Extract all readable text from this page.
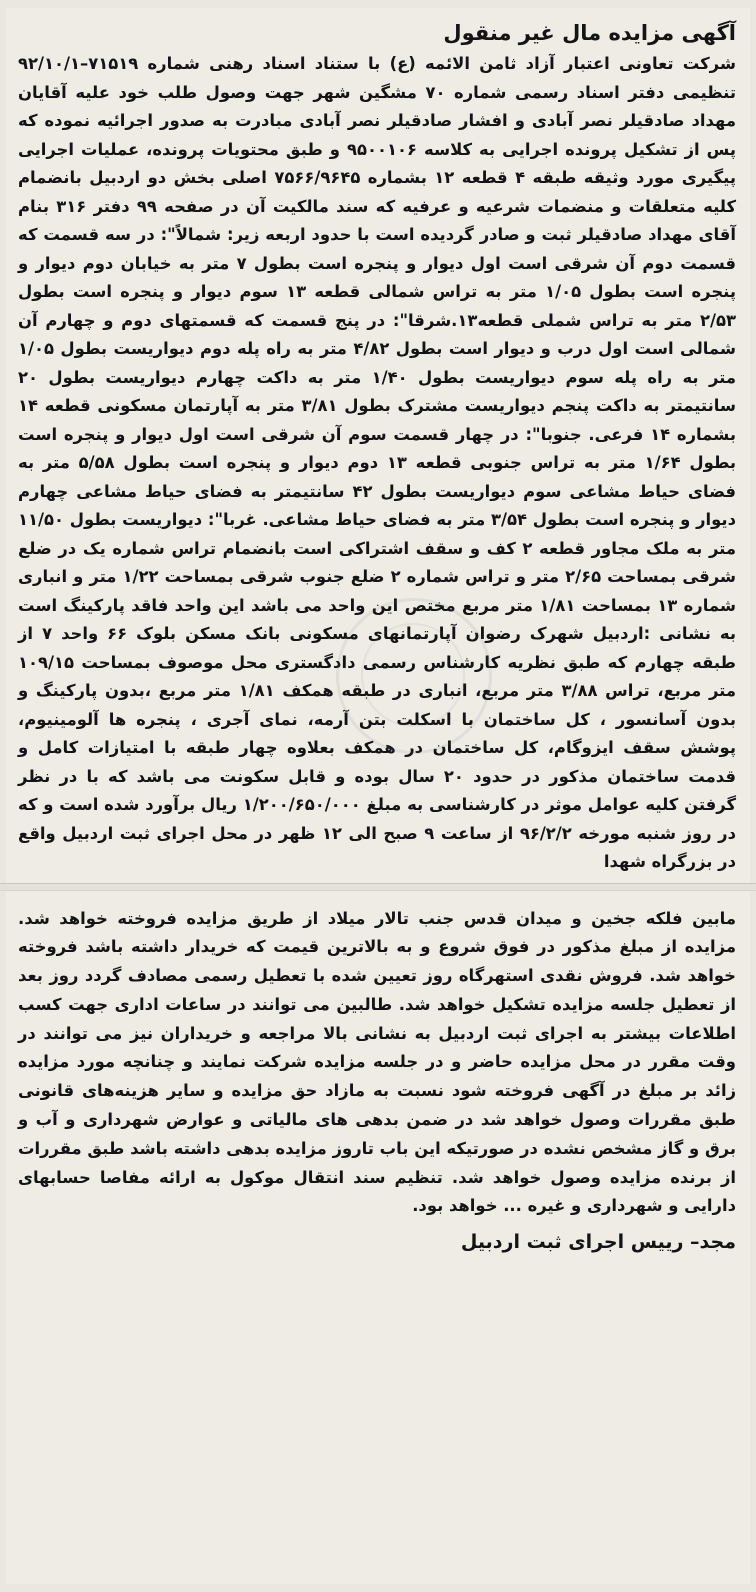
آگهی مزایده مال غیر منقول

شرکت تعاونی اعتبار آزاد ثامن الائمه (ع) با ستناد اسناد رهنی شماره ۷۱۵۱۹–۹۲/۱۰/۱ تنظیمی دفتر اسناد رسمی شماره ۷۰ مشگین شهر جهت وصول طلب خود علیه آقایان مهداد صادقیلر نصر آبادی و افشار صادقیلر نصر آبادی مبادرت به صدور اجرائیه نموده که پس از تشکیل پرونده اجرایی به کلاسه ۹۵۰۰۱۰۶ و طبق محتویات پرونده، عملیات اجرایی پیگیری مورد وثیقه طبقه ۴ قطعه ۱۲ بشماره ۷۵۶۶/۹۶۴۵ اصلی بخش دو اردبیل بانضمام کلیه متعلقات و منضمات شرعیه و عرفیه که سند مالکیت آن در صفحه ۹۹ دفتر ۳۱۶ بنام آقای مهداد صادقیلر ثبت و صادر گردیده است با حدود اربعه زیر: شمالاً": در سه قسمت که قسمت دوم آن شرقی است اول دیوار و پنجره است بطول ۷ متر به خیابان دوم دیوار و پنجره است بطول ۱/۰۵ متر به تراس شمالی قطعه ۱۳ سوم دیوار و پنجره است بطول ۲/۵۳ متر به تراس شملی قطعه۱۳.شرقا": در پنج قسمت که قسمتهای دوم و چهارم آن شمالی است اول درب و دیوار است بطول ۴/۸۲ متر به راه پله دوم دیواریست بطول ۱/۰۵ متر به راه پله سوم دیواریست بطول ۱/۴۰ متر به داکت چهارم دیواریست بطول ۲۰ سانتیمتر به داکت پنجم دیواریست مشترک بطول ۳/۸۱ متر به آپارتمان مسکونی قطعه ۱۴ بشماره ۱۴ فرعی. جنوبا": در چهار قسمت سوم آن شرقی است اول دیوار و پنجره است بطول ۱/۶۴ متر به تراس جنوبی قطعه ۱۳ دوم دیوار و پنجره است بطول ۵/۵۸ متر به فضای حیاط مشاعی سوم دیواریست بطول ۴۲ سانتیمتر به فضای حیاط مشاعی چهارم دیوار و پنجره است بطول ۳/۵۴ متر به فضای حیاط مشاعی. غربا": دیواریست بطول ۱۱/۵۰ متر به ملک مجاور قطعه ۲ کف و سقف اشتراکی است بانضمام تراس شماره یک در ضلع شرقی بمساحت ۲/۶۵ متر و تراس شماره ۲ ضلع جنوب شرقی بمساحت ۱/۲۲ متر و انباری شماره ۱۳ بمساحت ۱/۸۱ متر مربع مختص این واحد می باشد این واحد فاقد پارکینگ است به نشانی :اردبیل شهرک رضوان آپارتمانهای مسکونی بانک مسکن بلوک ۶۶ واحد ۷ از طبقه چهارم که طبق نظریه کارشناس رسمی دادگستری محل موصوف بمساحت ۱۰۹/۱۵ متر مربع، تراس ۳/۸۸ متر مربع، انباری در طبقه همکف ۱/۸۱ متر مربع ،بدون پارکینگ و بدون آسانسور ، کل ساختمان با اسکلت بتن آرمه، نمای آجری ، پنجره ها آلومینیوم، پوشش سقف ایزوگام، کل ساختمان در همکف بعلاوه چهار طبقه با امتیازات کامل و قدمت ساختمان مذکور در حدود ۲۰ سال بوده و قابل سکونت می باشد که با در نظر گرفتن کلیه عوامل موثر در کارشناسی به مبلغ ۱/۲۰۰/۶۵۰/۰۰۰ ریال برآورد شده است و که در روز شنبه مورخه ۹۶/۲/۲ از ساعت ۹ صبح الی ۱۲ ظهر در محل اجرای ثبت اردبیل واقع در بزرگراه شهدا

مابین فلکه جخین و میدان قدس جنب تالار میلاد از طریق مزایده فروخته خواهد شد. مزایده از مبلغ مذکور در فوق شروع و به بالاترین قیمت که خریدار داشته باشد فروخته خواهد شد. فروش نقدی استهرگاه روز تعیین شده با تعطیل رسمی مصادف گردد روز بعد از تعطیل جلسه مزایده تشکیل خواهد شد. طالبین می توانند در ساعات اداری جهت کسب اطلاعات بیشتر به اجرای ثبت اردبیل به نشانی بالا مراجعه و خریداران نیز می توانند در وقت مقرر در محل مزایده حاضر و در جلسه مزایده شرکت نمایند و چنانچه مورد مزایده زائد بر مبلغ در آگهی فروخته شود نسبت به مازاد حق مزایده و سایر هزینه‌های قانونی طبق مقررات وصول خواهد شد در ضمن بدهی های مالیاتی و عوارض شهرداری و آب و برق و گاز مشخص نشده در صورتیکه این باب تاروز مزایده بدهی داشته باشد طبق مقررات از برنده مزایده وصول خواهد شد. تنظیم سند انتقال موکول به ارائه مفاصا حسابهای دارایی و شهرداری و غیره ... خواهد بود.

مجد– رییس اجرای ثبت اردبیل
